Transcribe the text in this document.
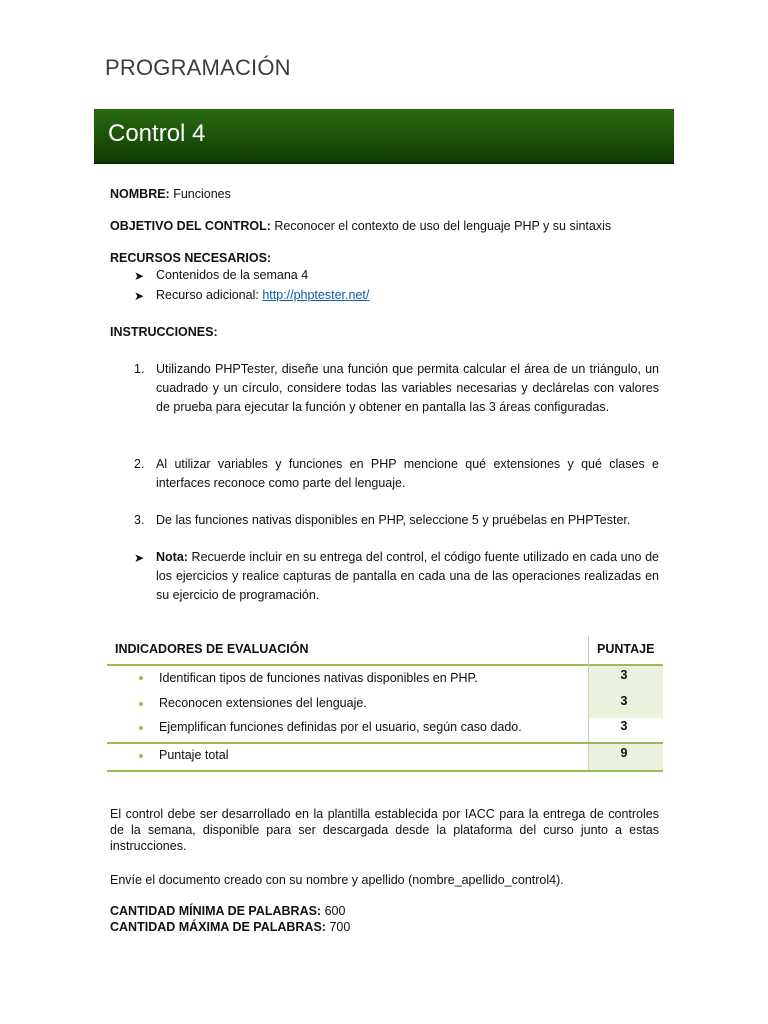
PROGRAMACIÓN
Control 4
NOMBRE: Funciones
OBJETIVO DEL CONTROL: Reconocer el contexto de uso del lenguaje PHP y su sintaxis
RECURSOS NECESARIOS:
➤ Contenidos de la semana 4
➤ Recurso adicional: http://phptester.net/
INSTRUCCIONES:
1. Utilizando PHPTester, diseñe una función que permita calcular el área de un triángulo, un cuadrado y un círculo, considere todas las variables necesarias y declárelas con valores de prueba para ejecutar la función y obtener en pantalla las 3 áreas configuradas.
2. Al utilizar variables y funciones en PHP mencione qué extensiones y qué clases e interfaces reconoce como parte del lenguaje.
3. De las funciones nativas disponibles en PHP, seleccione 5 y pruébelas en PHPTester.
➤ Nota: Recuerde incluir en su entrega del control, el código fuente utilizado en cada uno de los ejercicios y realice capturas de pantalla en cada una de las operaciones realizadas en su ejercicio de programación.
INDICADORES DE EVALUACIÓN	PUNTAJE
Identifican tipos de funciones nativas disponibles en PHP.	3
Reconocen extensiones del lenguaje.	3
Ejemplifican funciones definidas por el usuario, según caso dado.	3
Puntaje total	9
El control debe ser desarrollado en la plantilla establecida por IACC para la entrega de controles de la semana, disponible para ser descargada desde la plataforma del curso junto a estas instrucciones.
Envíe el documento creado con su nombre y apellido (nombre_apellido_control4).
CANTIDAD MÍNIMA DE PALABRAS: 600
CANTIDAD MÁXIMA DE PALABRAS: 700
